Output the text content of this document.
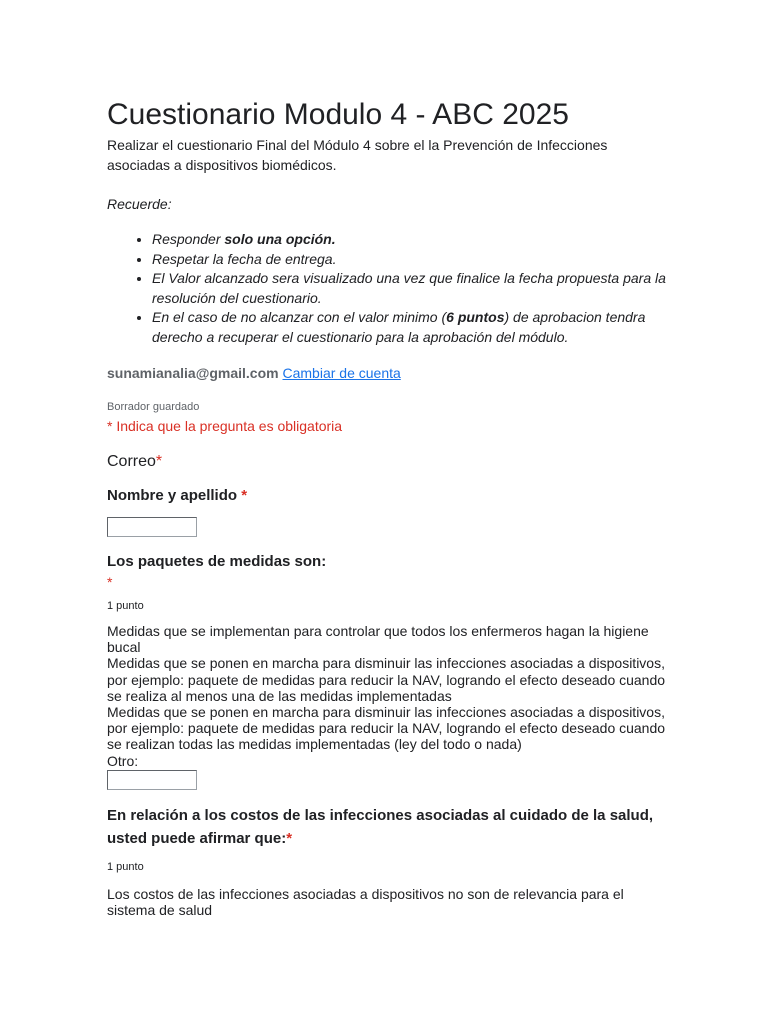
Cuestionario Modulo 4 - ABC 2025
Realizar el cuestionario Final del Módulo 4 sobre el la Prevención de Infecciones asociadas a dispositivos biomédicos.
Recuerde:
• Responder solo una opción.
• Respetar la fecha de entrega.
• El Valor alcanzado sera visualizado una vez que finalice la fecha propuesta para la resolución del cuestionario.
• En el caso de no alcanzar con el valor minimo (6 puntos) de aprobacion tendra derecho a recuperar el cuestionario para la aprobación del módulo.
sunamianalia@gmail.com Cambiar de cuenta
Borrador guardado
* Indica que la pregunta es obligatoria
Correo*
Nombre y apellido *
Los paquetes de medidas son:
*
1 punto
Medidas que se implementan para controlar que todos los enfermeros hagan la higiene bucal
Medidas que se ponen en marcha para disminuir las infecciones asociadas a dispositivos, por ejemplo: paquete de medidas para reducir la NAV, logrando el efecto deseado cuando se realiza al menos una de las medidas implementadas
Medidas que se ponen en marcha para disminuir las infecciones asociadas a dispositivos, por ejemplo: paquete de medidas para reducir la NAV, logrando el efecto deseado cuando se realizan todas las medidas implementadas (ley del todo o nada)
Otro:
En relación a los costos de las infecciones asociadas al cuidado de la salud, usted puede afirmar que:*
1 punto
Los costos de las infecciones asociadas a dispositivos no son de relevancia para el sistema de salud
